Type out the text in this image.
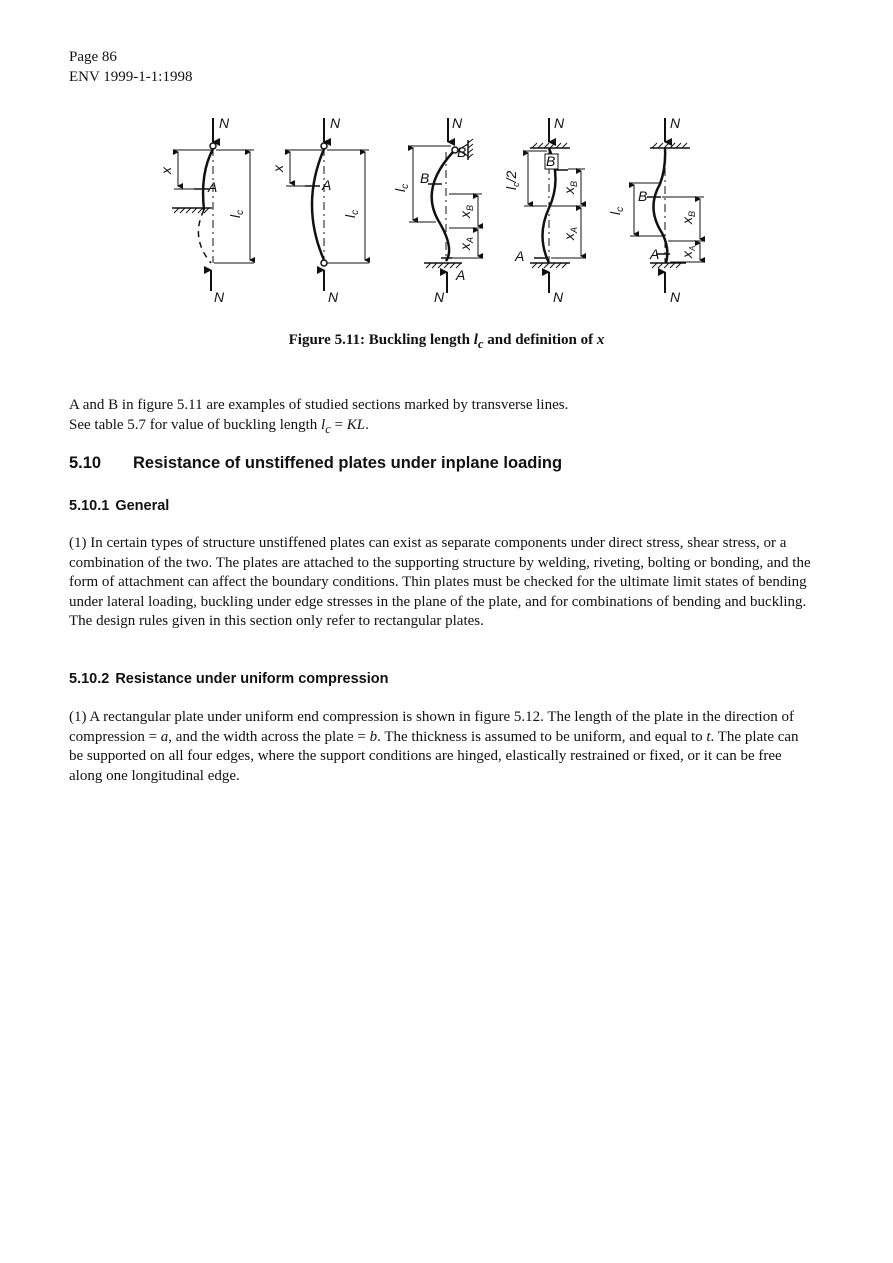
Page 86
ENV 1999-1-1:1998
N
A
x
$l_c$
N
N
A
x
$l_c$
N
N
B
B
A
$l_c$
$x_B$
$x_A$
N
N
B
A
$l_c/2$
$x_B$
$x_A$
N
N
B
A
$l_c$
$x_B$
$x_A$
N
Figure 5.11: Buckling length $l_c$ and definition of x
A and B in figure 5.11 are examples of studied sections marked by transverse lines.
See table 5.7 for value of buckling length $l_c$ = KL.
5.10 Resistance of unstiffened plates under inplane loading
5.10.1 General
(1) In certain types of structure unstiffened plates can exist as separate components under direct stress, shear stress, or a combination of the two. The plates are attached to the supporting structure by welding, riveting, bolting or bonding, and the form of attachment can affect the boundary conditions. Thin plates must be checked for the ultimate limit states of bending under lateral loading, buckling under edge stresses in the plane of the plate, and for combinations of bending and buckling. The design rules given in this section only refer to rectangular plates.
5.10.2 Resistance under uniform compression
(1) A rectangular plate under uniform end compression is shown in figure 5.12. The length of the plate in the direction of compression = a, and the width across the plate = b. The thickness is assumed to be uniform, and equal to t. The plate can be supported on all four edges, where the support conditions are hinged, elastically restrained or fixed, or it can be free along one longitudinal edge.
